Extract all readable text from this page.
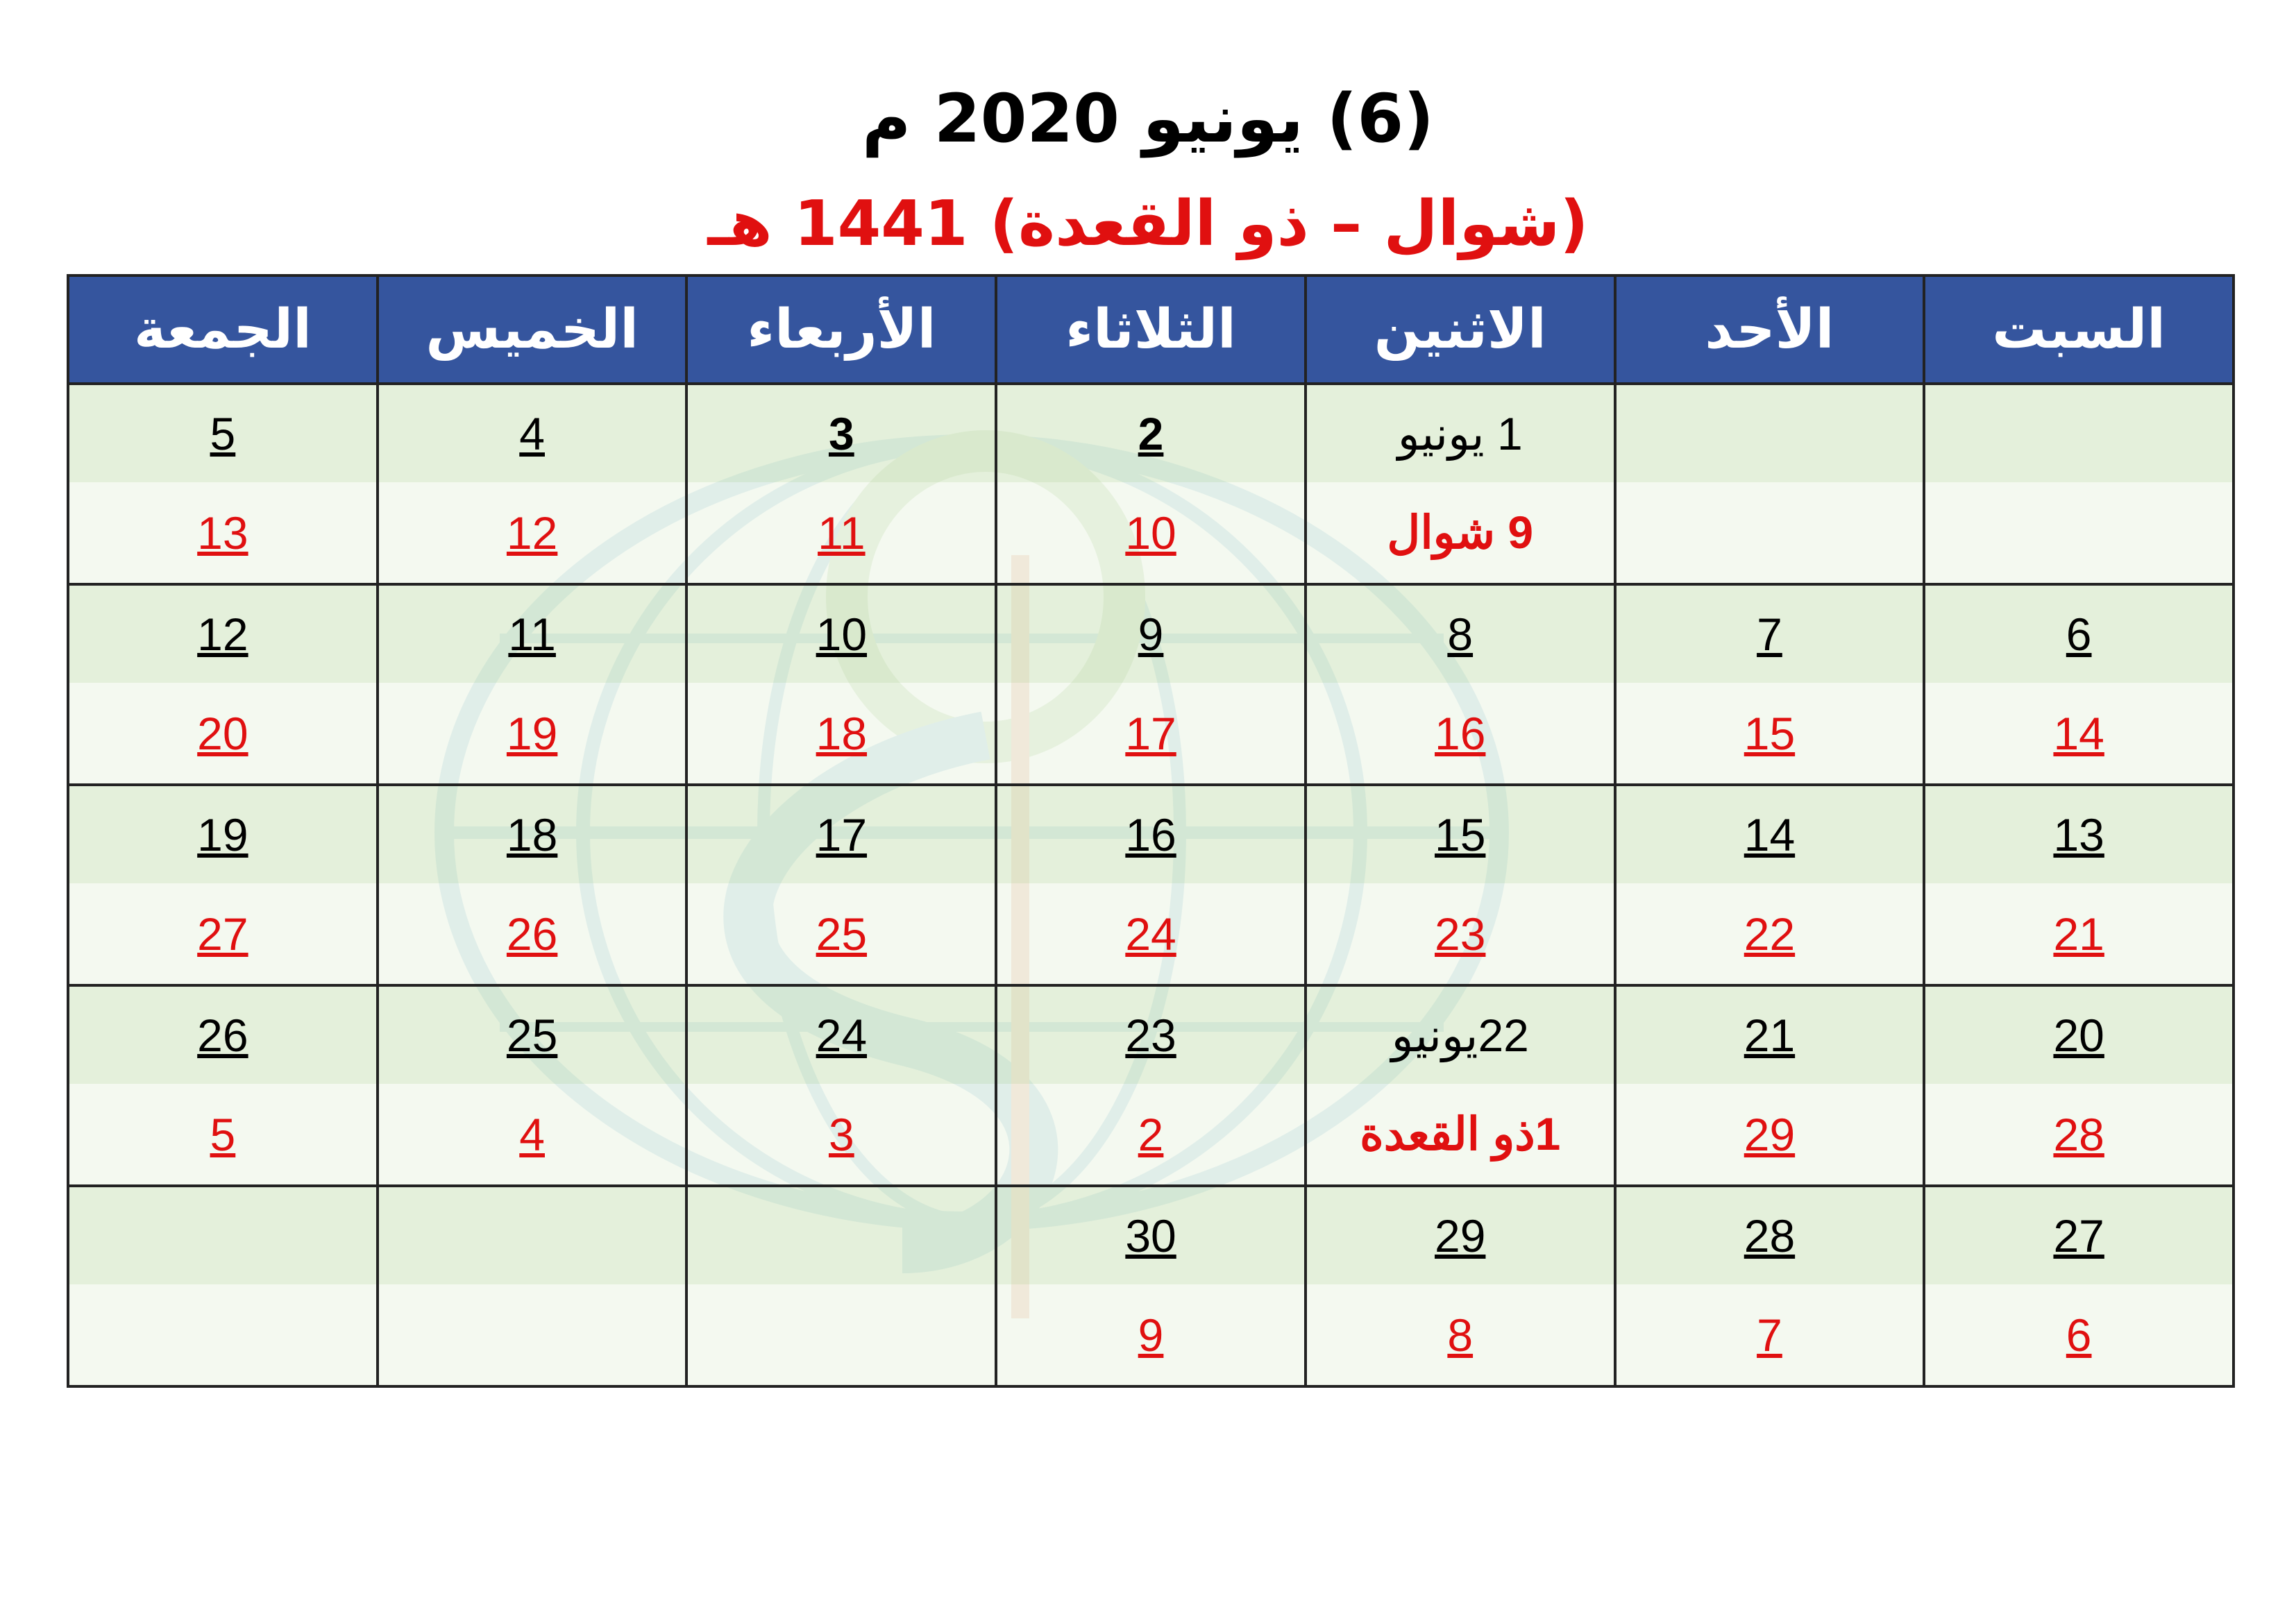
(6) يونيو 2020 م
(شوال – ذو القعدة) 1441 هـ
السبت	الأحد	الاثنين	الثلاثاء	الأربعاء	الخميس	الجمعة
		1 يونيو	2	3	4	5
		9 شوال	10	11	12	13
6	7	8	9	10	11	12
14	15	16	17	18	19	20
13	14	15	16	17	18	19
21	22	23	24	25	26	27
20	21	22يونيو	23	24	25	26
28	29	1ذو القعدة	2	3	4	5
27	28	29	30			
6	7	8	9			
